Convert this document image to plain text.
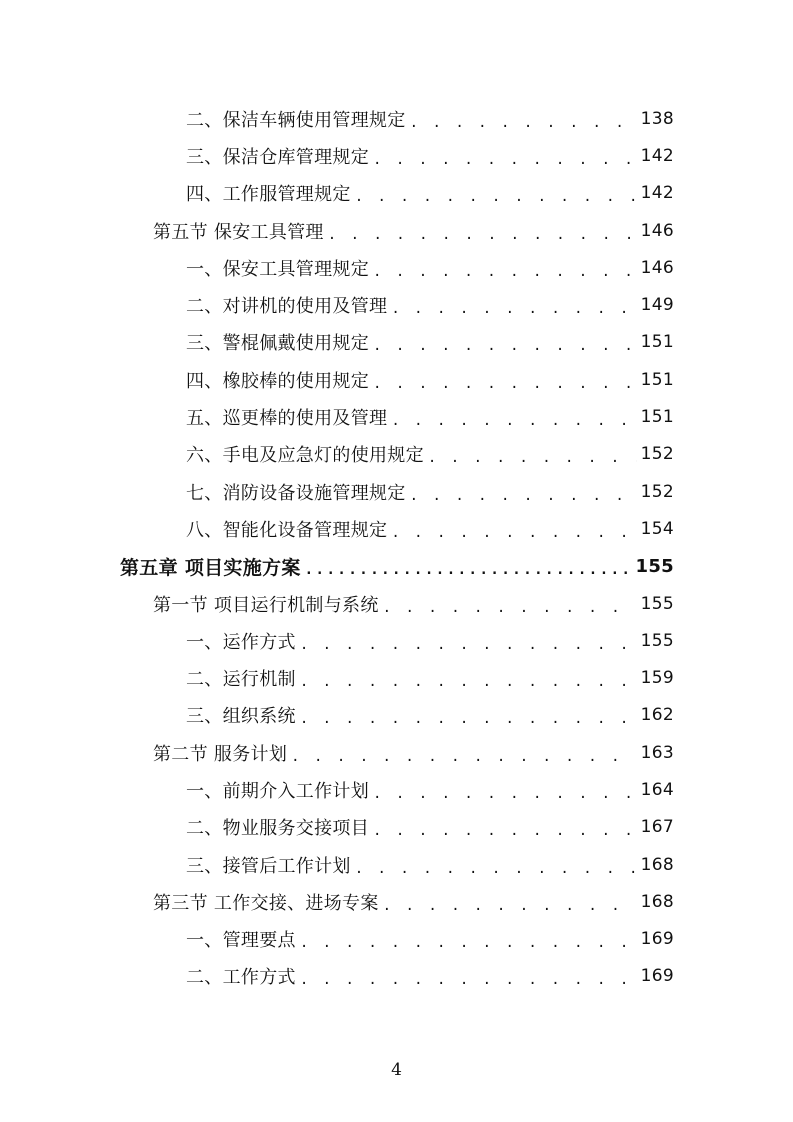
二、保洁车辆使用管理规定 . . .	138
三、保洁仓库管理规定 . . .	142
四、工作服管理规定 . . .	142
第五节 保安工具管理 . . .	146
一、保安工具管理规定 . . .	146
二、对讲机的使用及管理 . . .	149
三、警棍佩戴使用规定 . . .	151
四、橡胶棒的使用规定 . . .	151
五、巡更棒的使用及管理 . . .	151
六、手电及应急灯的使用规定 . . .	152
七、消防设备设施管理规定 . . .	152
八、智能化设备管理规定 . . .	154
第五章 项目实施方案 .....	155
第一节 项目运行机制与系统 . . .	155
一、运作方式 . . .	155
二、运行机制 . . .	159
三、组织系统 . . .	162
第二节 服务计划 . . .	163
一、前期介入工作计划 . . .	164
二、物业服务交接项目 . . .	167
三、接管后工作计划 . . .	168
第三节 工作交接、进场专案 . . .	168
一、管理要点 . . .	169
二、工作方式 . . .	169
4
